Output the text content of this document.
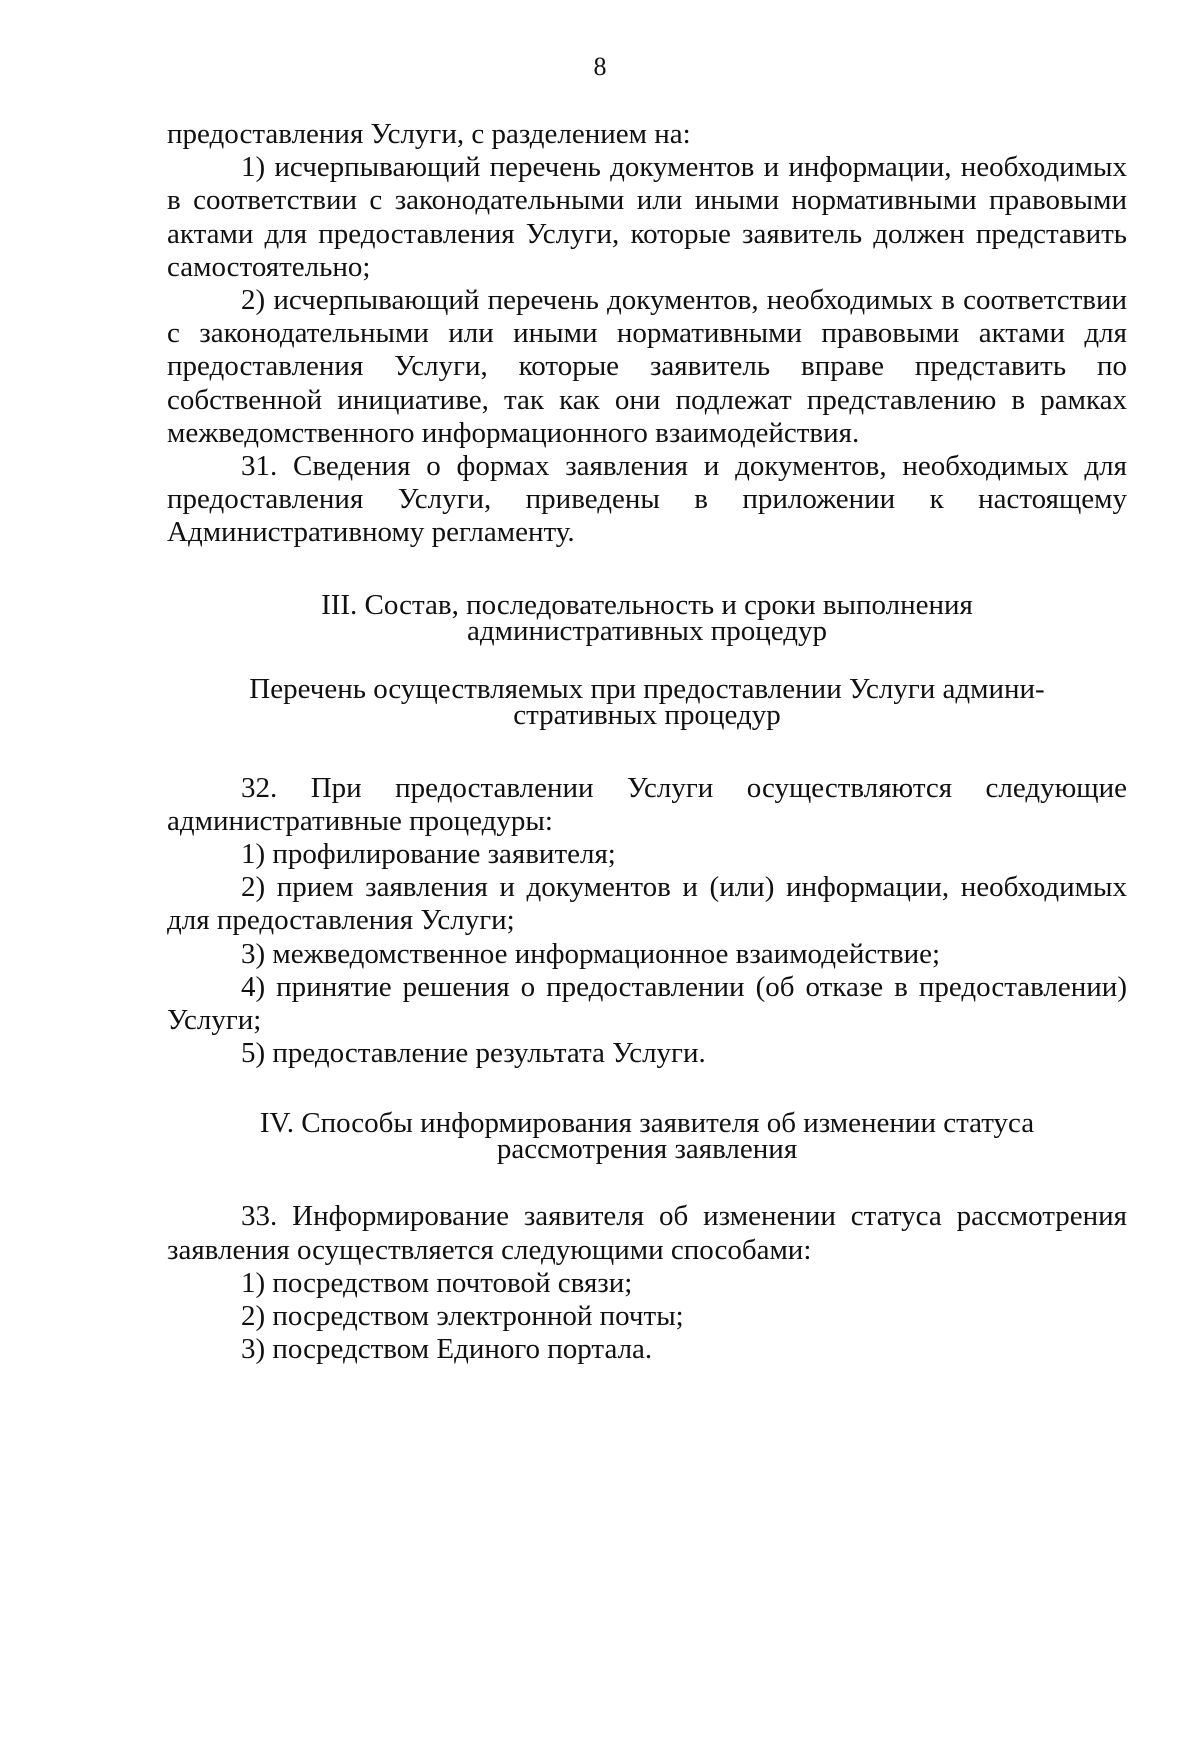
8

предоставления Услуги, с разделением на:

1) исчерпывающий перечень документов и информации, необходимых в соответствии с законодательными или иными нормативными правовыми актами для предоставления Услуги, которые заявитель должен представить самостоятельно;

2) исчерпывающий перечень документов, необходимых в соответствии с законодательными или иными нормативными правовыми актами для предоставления Услуги, которые заявитель вправе представить по собственной инициативе, так как они подлежат представлению в рамках межведомственного информационного взаимодействия.

31. Сведения о формах заявления и документов, необходимых для предоставления Услуги, приведены в приложении к настоящему Административному регламенту.

III. Состав, последовательность и сроки выполнения
административных процедур
Перечень осуществляемых при предоставлении Услуги админи-
стративных процедур

32. При предоставлении Услуги осуществляются следующие административные процедуры:

1) профилирование заявителя;

2) прием заявления и документов и (или) информации, необходимых для предоставления Услуги;

3) межведомственное информационное взаимодействие;

4) принятие решения о предоставлении (об отказе в предоставлении) Услуги;

5) предоставление результата Услуги.

IV. Способы информирования заявителя об изменении статуса
рассмотрения заявления

33. Информирование заявителя об изменении статуса рассмотрения заявления осуществляется следующими способами:

1) посредством почтовой связи;

2) посредством электронной почты;

3) посредством Единого портала.
